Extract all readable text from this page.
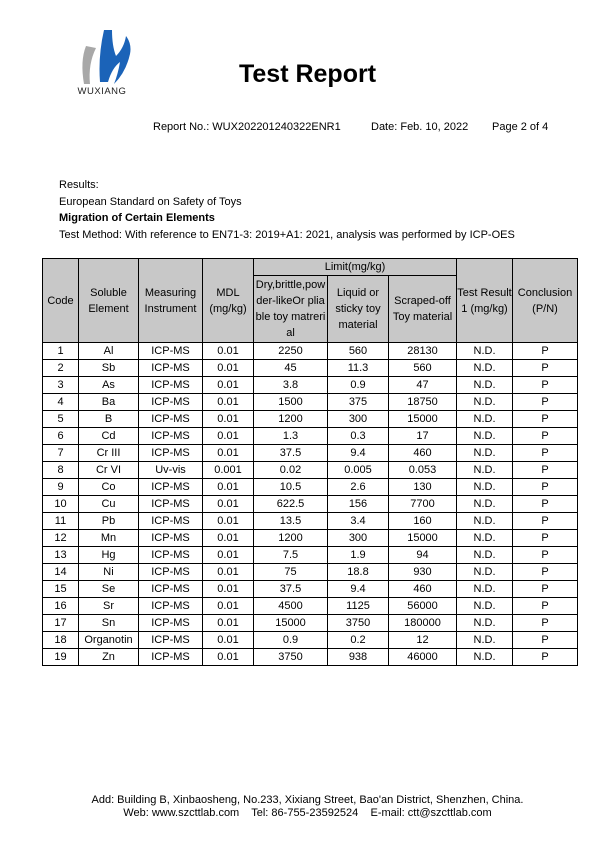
WUXIANG
Test Report
Report No.: WUX202201240322ENR1	Date: Feb. 10, 2022 Page 2 of 4
Results:
European Standard on Safety of Toys
Migration of Certain Elements
Test Method: With reference to EN71-3: 2019+A1: 2021, analysis was performed by ICP-OES
Code	Soluble Element	Measuring Instrument	MDL (mg/kg)	Limit(mg/kg)			Test Result 1 (mg/kg)	Conclusion (P/N)
				Dry,brittle,powder-likeOr pliable toy matrerial	Liquid or sticky toy material	Scraped-off Toy material		
1	Al	ICP-MS	0.01	2250	560	28130	N.D.	P
2	Sb	ICP-MS	0.01	45	11.3	560	N.D.	P
3	As	ICP-MS	0.01	3.8	0.9	47	N.D.	P
4	Ba	ICP-MS	0.01	1500	375	18750	N.D.	P
5	B	ICP-MS	0.01	1200	300	15000	N.D.	P
6	Cd	ICP-MS	0.01	1.3	0.3	17	N.D.	P
7	Cr III	ICP-MS	0.01	37.5	9.4	460	N.D.	P
8	Cr VI	Uv-vis	0.001	0.02	0.005	0.053	N.D.	P
9	Co	ICP-MS	0.01	10.5	2.6	130	N.D.	P
10	Cu	ICP-MS	0.01	622.5	156	7700	N.D.	P
11	Pb	ICP-MS	0.01	13.5	3.4	160	N.D.	P
12	Mn	ICP-MS	0.01	1200	300	15000	N.D.	P
13	Hg	ICP-MS	0.01	7.5	1.9	94	N.D.	P
14	Ni	ICP-MS	0.01	75	18.8	930	N.D.	P
15	Se	ICP-MS	0.01	37.5	9.4	460	N.D.	P
16	Sr	ICP-MS	0.01	4500	1125	56000	N.D.	P
17	Sn	ICP-MS	0.01	15000	3750	180000	N.D.	P
18	Organotin	ICP-MS	0.01	0.9	0.2	12	N.D.	P
19	Zn	ICP-MS	0.01	3750	938	46000	N.D.	P
Add: Building B, Xinbaosheng, No.233, Xixiang Street, Bao'an District, Shenzhen, China.
Web: www.szcttlab.com    Tel: 86-755-23592524    E-mail: ctt@szcttlab.com
